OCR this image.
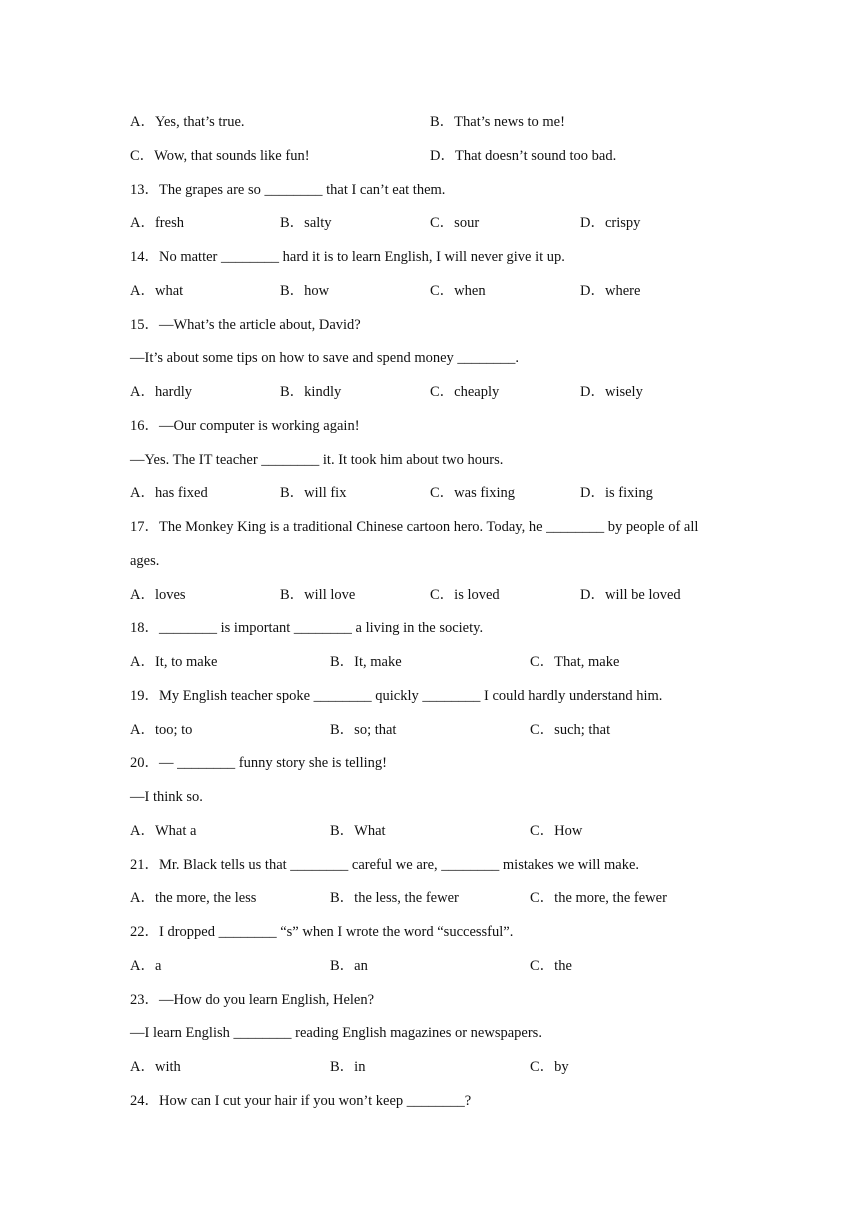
A．Yes, that’s true.	B．That’s news to me!
C．Wow, that sounds like fun!	D．That doesn’t sound too bad.
13．The grapes are so ________ that I can’t eat them.
A．fresh	B．salty	C．sour	D．crispy
14．No matter ________ hard it is to learn English, I will never give it up.
A．what	B．how	C．when	D．where
15．—What’s the article about, David?
—It’s about some tips on how to save and spend money ________.
A．hardly	B．kindly	C．cheaply	D．wisely
16．—Our computer is working again!
—Yes. The IT teacher ________ it. It took him about two hours.
A．has fixed	B．will fix	C．was fixing	D．is fixing
17．The Monkey King is a traditional Chinese cartoon hero. Today, he ________ by people of all
ages.
A．loves	B．will love	C．is loved	D．will be loved
18．________ is important ________ a living in the society.
A．It, to make	B．It, make	C．That, make
19．My English teacher spoke ________ quickly ________ I could hardly understand him.
A．too; to	B．so; that	C．such; that
20．— ________ funny story she is telling!
—I think so.
A．What a	B．What	C．How
21．Mr. Black tells us that ________ careful we are, ________ mistakes we will make.
A．the more, the less	B．the less, the fewer	C．the more, the fewer
22．I dropped ________ “s” when I wrote the word “successful”.
A．a	B．an	C．the
23．—How do you learn English, Helen?
—I learn English ________ reading English magazines or newspapers.
A．with	B．in	C．by
24．How can I cut your hair if you won’t keep ________?
